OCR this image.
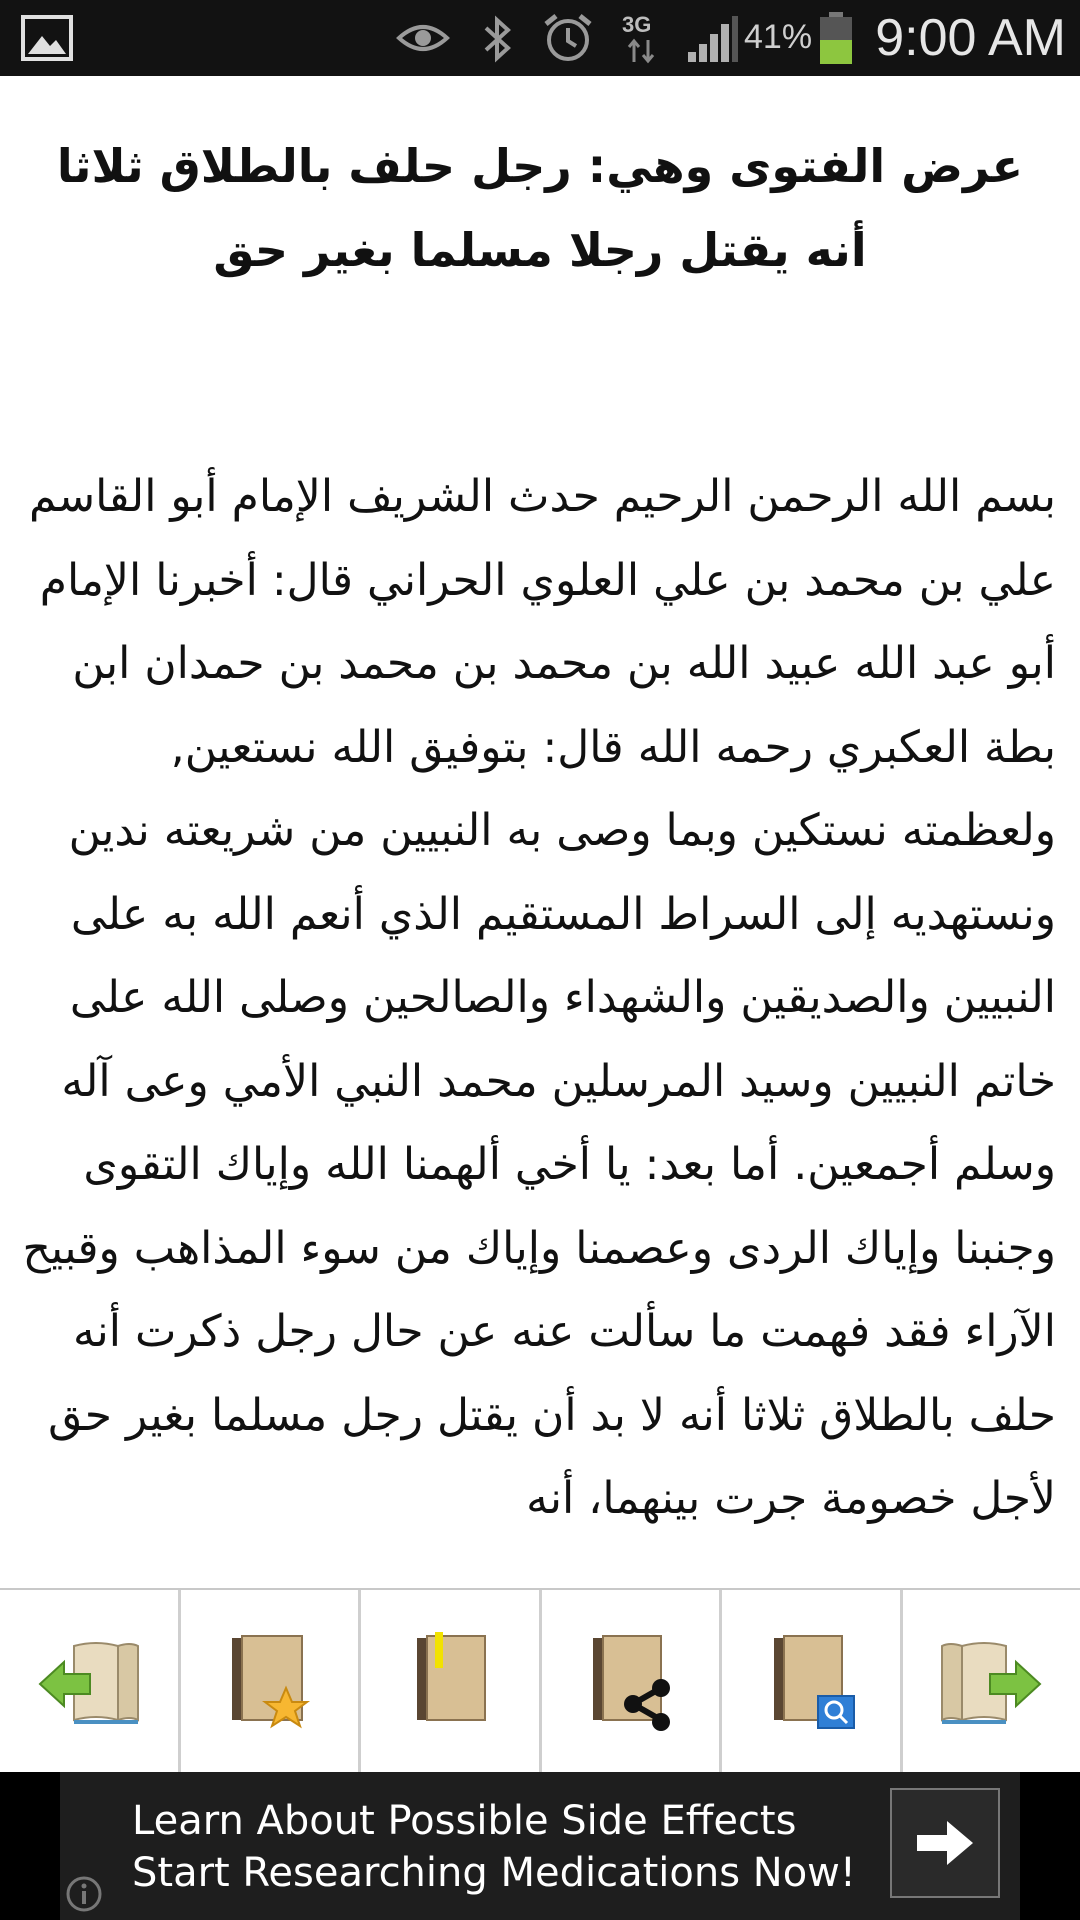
3G	41% 9:00 AM
عرض الفتوى وهي: رجل حلف بالطلاق ثلاثا أنه يقتل رجلا مسلما بغير حق
بسم الله الرحمن الرحيم حدث الشريف الإمام أبو القاسم علي بن محمد بن علي العلوي الحراني قال: أخبرنا الإمام أبو عبد الله عبيد الله بن محمد بن محمد بن حمدان ابن بطة العكبري رحمه الله قال: بتوفيق الله نستعين, ولعظمته نستكين وبما وصى به النبيين من شريعته ندين ونستهديه إلى السراط المستقيم الذي أنعم الله به على النبيين والصديقين والشهداء والصالحين وصلى الله على خاتم النبيين وسيد المرسلين محمد النبي الأمي وعى آله وسلم أجمعين. أما بعد: يا أخي ألهمنا الله وإياك التقوى وجنبنا وإياك الردى وعصمنا وإياك من سوء المذاهب وقبيح الآراء فقد فهمت ما سألت عنه عن حال رجل ذكرت أنه حلف بالطلاق ثلاثا أنه لا بد أن يقتل رجل مسلما بغير حق لأجل خصومة جرت بينهما، أنه
Learn About Possible Side Effects
Start Researching Medications Now!
